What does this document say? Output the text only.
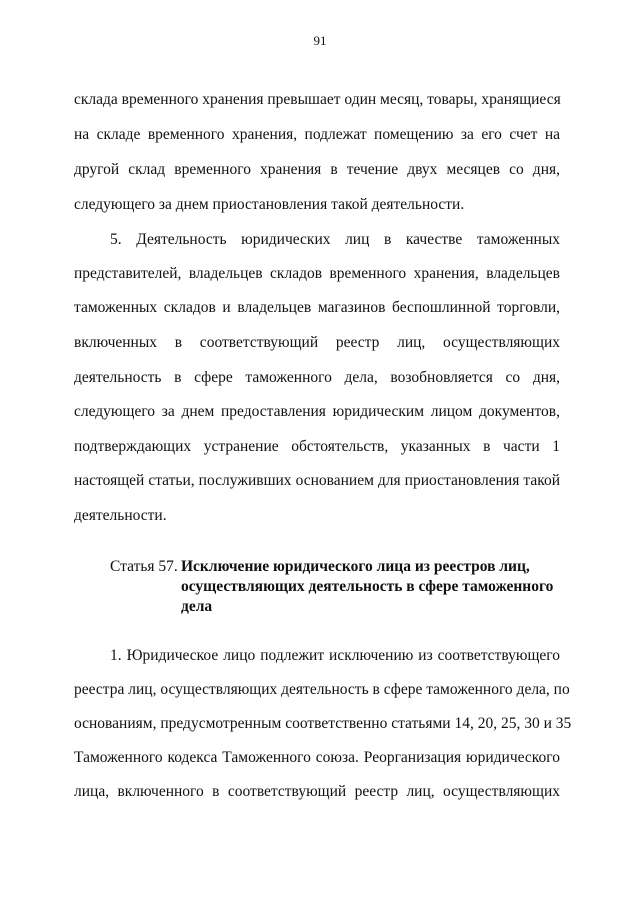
91
склада временного хранения превышает один месяц, товары, хранящиеся
на складе временного хранения, подлежат помещению за его счет на
другой склад временного хранения в течение двух месяцев со дня,
следующего за днем приостановления такой деятельности.
5. Деятельность юридических лиц в качестве таможенных
представителей, владельцев складов временного хранения, владельцев
таможенных складов и владельцев магазинов беспошлинной торговли,
включенных в соответствующий реестр лиц, осуществляющих
деятельность в сфере таможенного дела, возобновляется со дня,
следующего за днем предоставления юридическим лицом документов,
подтверждающих устранение обстоятельств, указанных в части 1
настоящей статьи, послуживших основанием для приостановления такой
деятельности.
Статья 57. Исключение юридического лица из реестров лиц,
осуществляющих деятельность в сфере таможенного
дела
1. Юридическое лицо подлежит исключению из соответствующего
реестра лиц, осуществляющих деятельность в сфере таможенного дела, по
основаниям, предусмотренным соответственно статьями 14, 20, 25, 30 и 35
Таможенного кодекса Таможенного союза. Реорганизация юридического
лица, включенного в соответствующий реестр лиц, осуществляющих
